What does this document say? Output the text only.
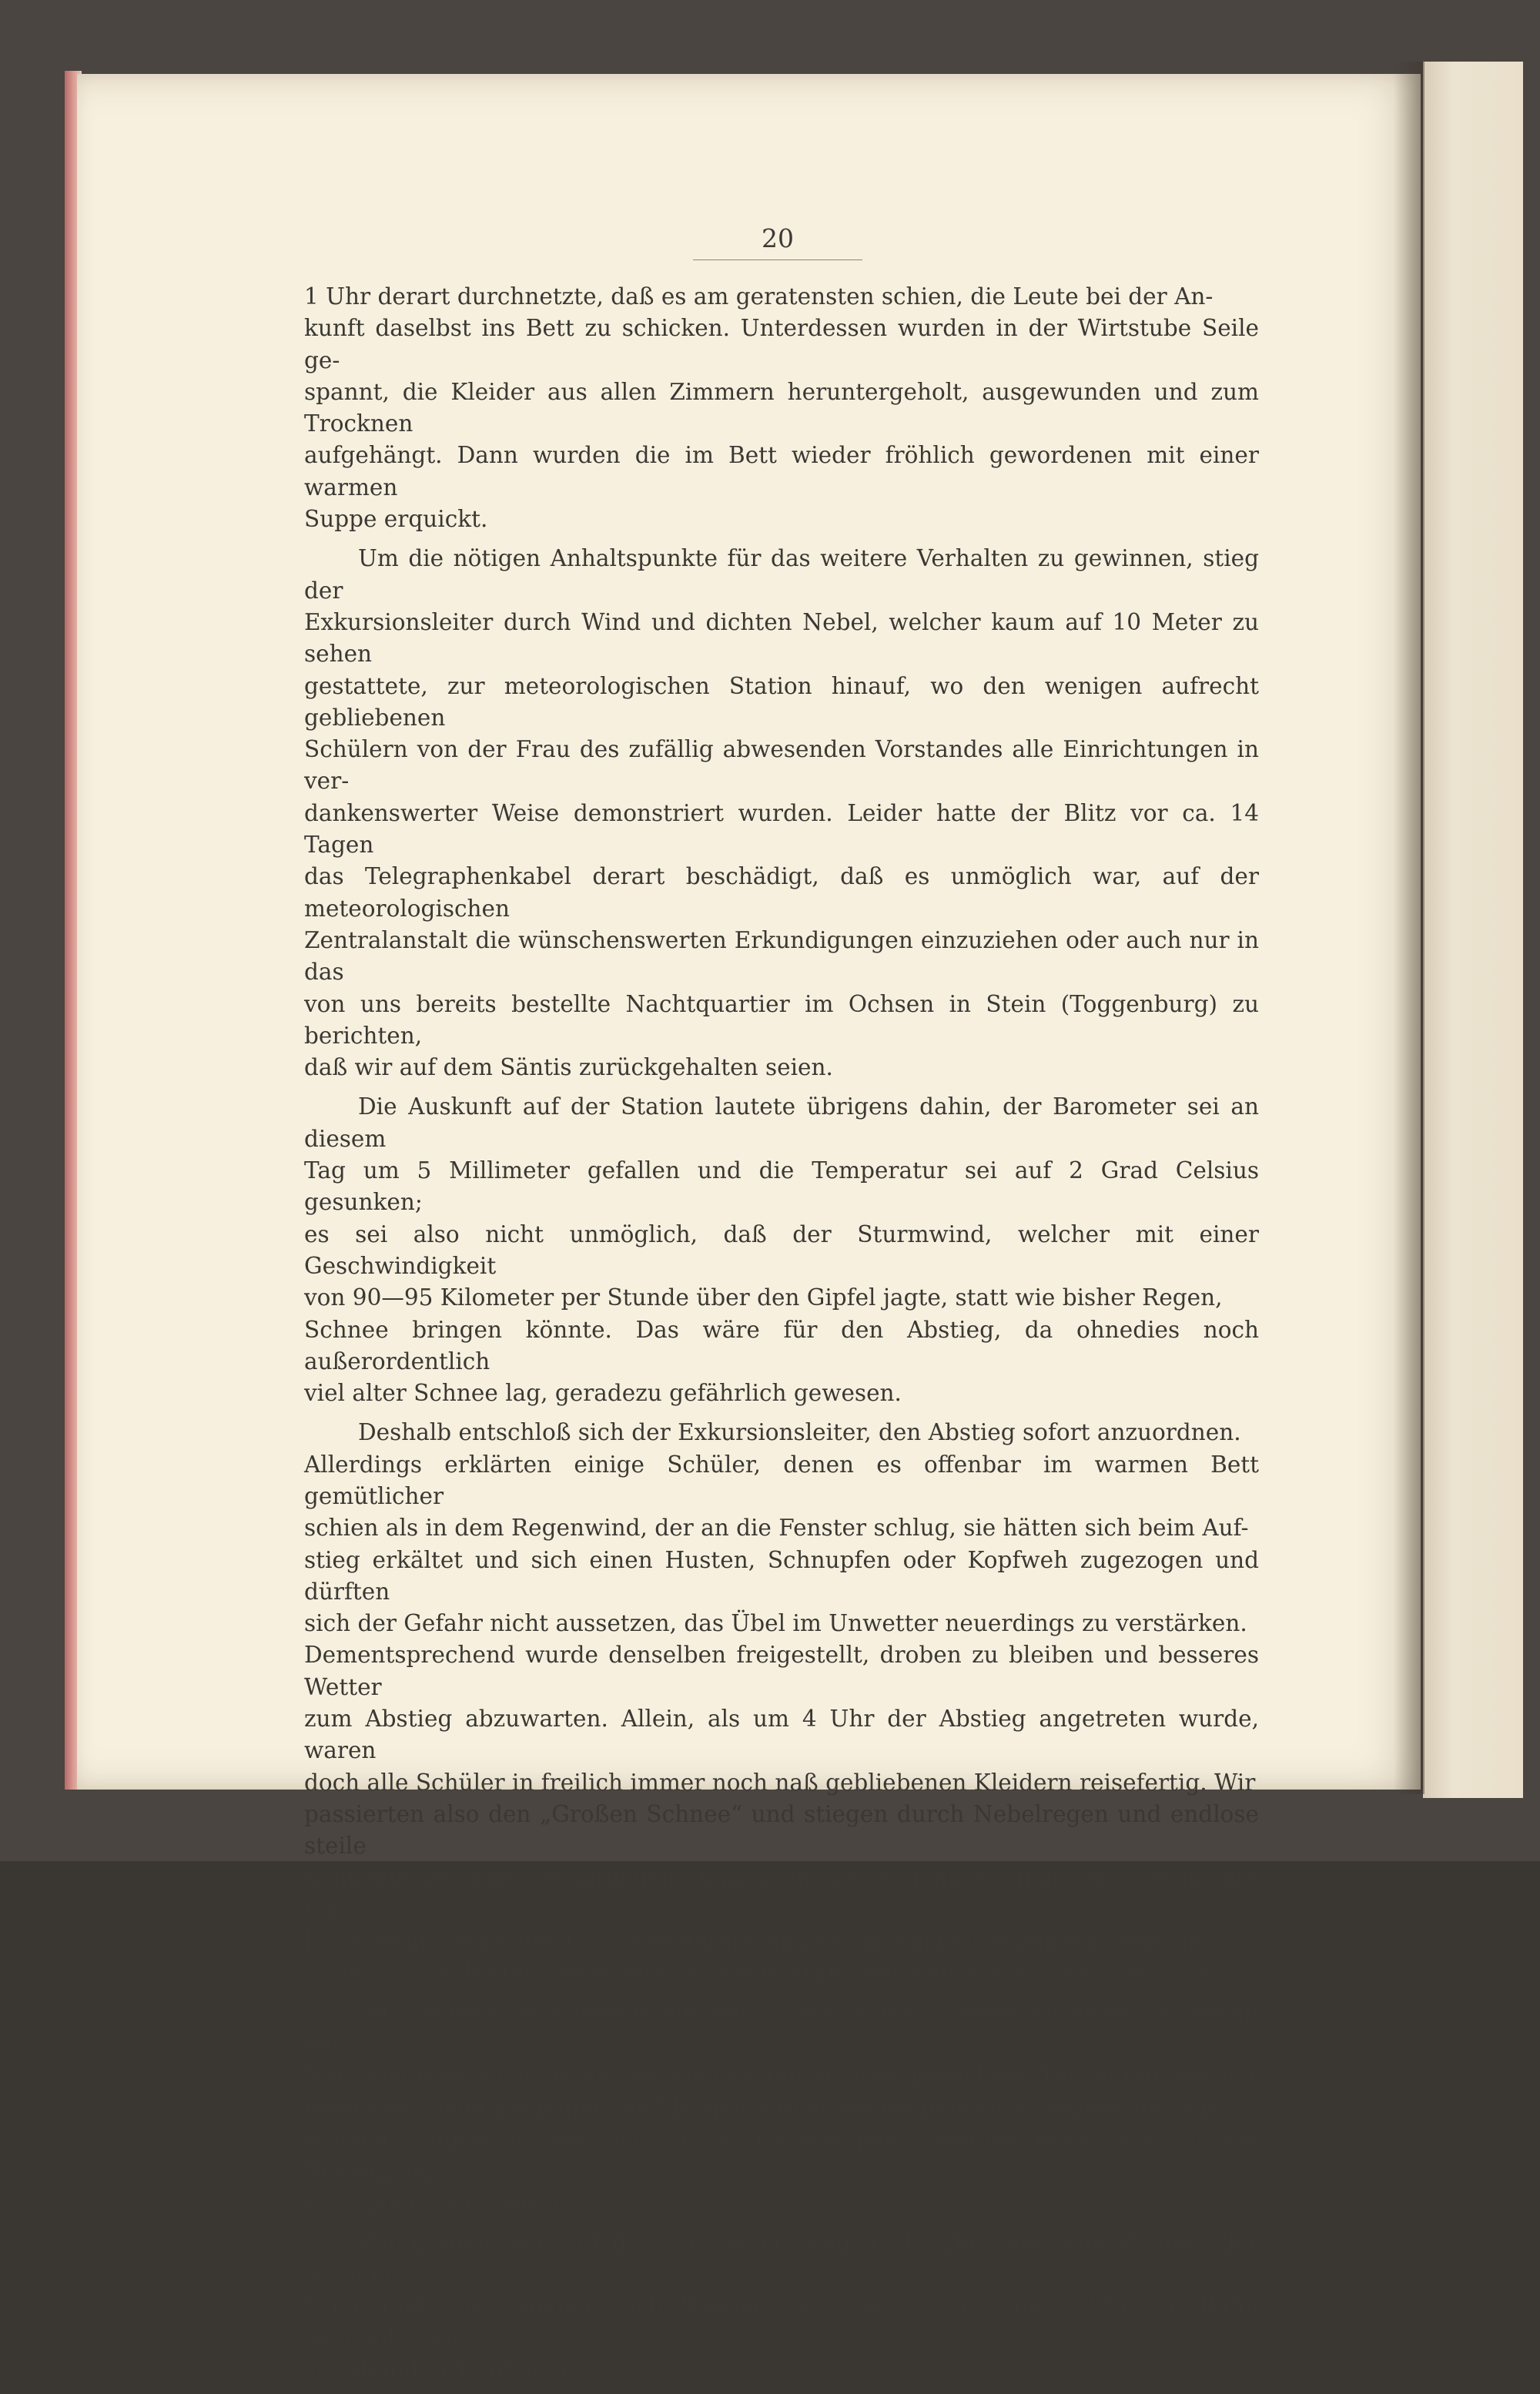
20

1 Uhr derart durchnetzte, daß es am geratensten schien, die Leute bei der An-
kunft daselbst ins Bett zu schicken. Unterdessen wurden in der Wirtstube Seile ge-
spannt, die Kleider aus allen Zimmern heruntergeholt, ausgewunden und zum Trocknen
aufgehängt. Dann wurden die im Bett wieder fröhlich gewordenen mit einer warmen
Suppe erquickt.

Um die nötigen Anhaltspunkte für das weitere Verhalten zu gewinnen, stieg der
Exkursionsleiter durch Wind und dichten Nebel, welcher kaum auf 10 Meter zu sehen
gestattete, zur meteorologischen Station hinauf, wo den wenigen aufrecht gebliebenen
Schülern von der Frau des zufällig abwesenden Vorstandes alle Einrichtungen in ver-
dankenswerter Weise demonstriert wurden. Leider hatte der Blitz vor ca. 14 Tagen
das Telegraphenkabel derart beschädigt, daß es unmöglich war, auf der meteorologischen
Zentralanstalt die wünschenswerten Erkundigungen einzuziehen oder auch nur in das
von uns bereits bestellte Nachtquartier im Ochsen in Stein (Toggenburg) zu berichten,
daß wir auf dem Säntis zurückgehalten seien.

Die Auskunft auf der Station lautete übrigens dahin, der Barometer sei an diesem
Tag um 5 Millimeter gefallen und die Temperatur sei auf 2 Grad Celsius gesunken;
es sei also nicht unmöglich, daß der Sturmwind, welcher mit einer Geschwindigkeit
von 90—95 Kilometer per Stunde über den Gipfel jagte, statt wie bisher Regen,
Schnee bringen könnte. Das wäre für den Abstieg, da ohnedies noch außerordentlich
viel alter Schnee lag, geradezu gefährlich gewesen.

Deshalb entschloß sich der Exkursionsleiter, den Abstieg sofort anzuordnen.
Allerdings erklärten einige Schüler, denen es offenbar im warmen Bett gemütlicher
schien als in dem Regenwind, der an die Fenster schlug, sie hätten sich beim Auf-
stieg erkältet und sich einen Husten, Schnupfen oder Kopfweh zugezogen und dürften
sich der Gefahr nicht aussetzen, das Übel im Unwetter neuerdings zu verstärken.
Dementsprechend wurde denselben freigestellt, droben zu bleiben und besseres Wetter
zum Abstieg abzuwarten. Allein, als um 4 Uhr der Abstieg angetreten wurde, waren
doch alle Schüler in freilich immer noch naß gebliebenen Kleidern reisefertig. Wir
passierten also den „Großen Schnee“ und stiegen durch Nebelregen und endlose steile
Schneefelder zum „Schafboden“ und nach Alt St. Johann hinab. Hier erquickte und
kurierte uns ein gutes Glas Bier derart, daß der fröhliche Gesang während des
Marsches nach Stein auch bei den vorhin krank gemeldeten fast nie verstummte.

Im „Ochsen“ war bereits ein reichliches, gutes Nachtessen bereit. Während der
Nacht wurden auch die nassen Kleider und Schuhe getrocknet. Das nützte freilich
nicht viel. Denn am folgenden Morgen fing es neuerdings an zu regnen und die
Wolken hingen so tief, daß auch die eifrigsten Steiger feierlichst auf die Besteigung
des Speers verzichteten.

Wir gingen also auf dem kürzesten Weg, d. h. über den Sumpfboden der Amdener
Höhe und über Amden nach Weesen, wo uns nachmittags 3 Uhr die Bahn wohlbehalten
zur Heimfahrt aufnahm.
